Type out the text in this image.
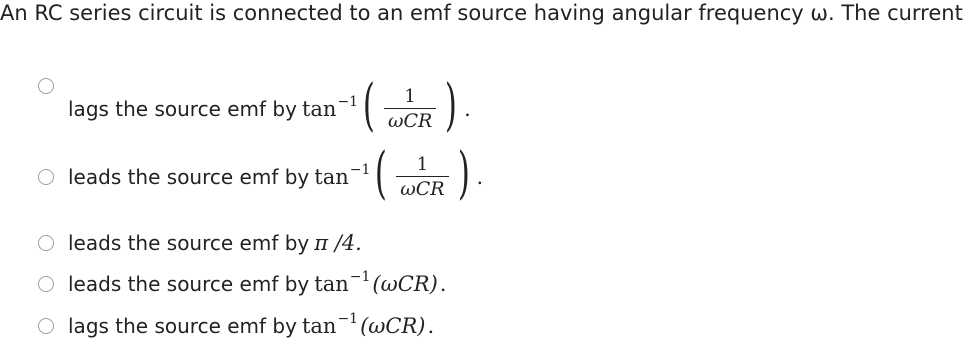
An RC series circuit is connected to an emf source having angular frequency ω. The current
lags the source emf by $\tan^{-1}$ ( $\frac{1}{\text{ωCR}}$ ) .
leads the source emf by $\tan^{-1}$ ( $\frac{1}{\text{ωCR}}$ ) .
leads the source emf by π /4.
leads the source emf by $\tan^{-1} (\omega CR)$ .
lags the source emf by $\tan^{-1} (\omega CR)$ .
